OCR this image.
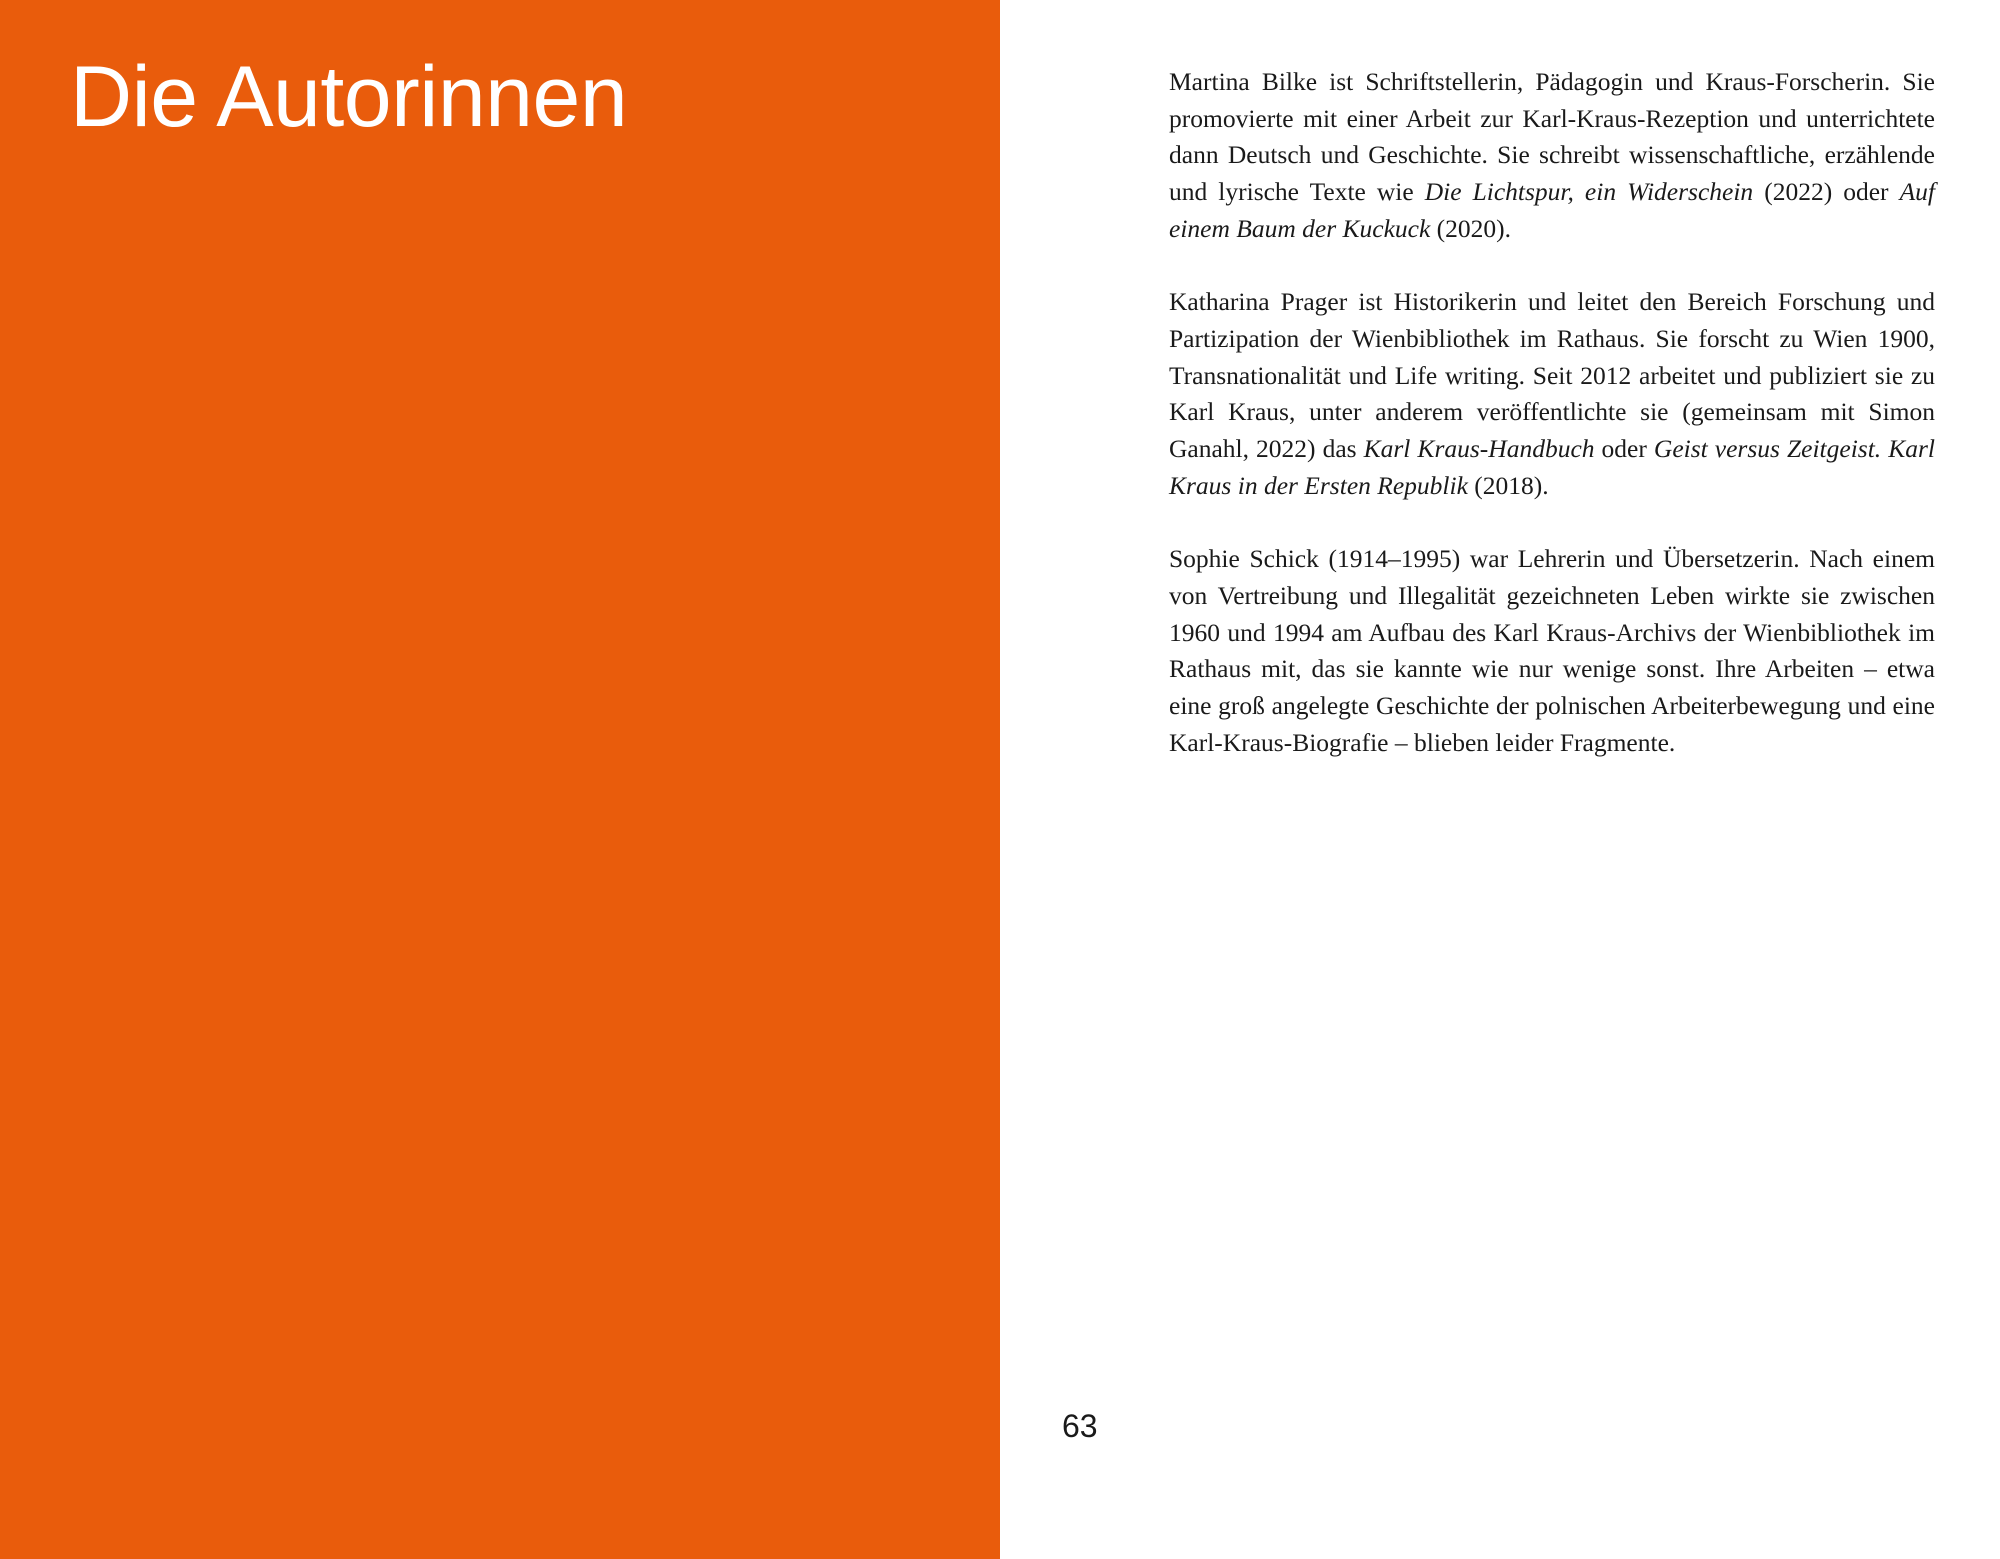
Die Autorinnen	Martina Bilke ist Schriftstellerin, Pädagogin und Kraus-Forscherin. Sie promovierte mit einer Arbeit zur Karl-Kraus-Rezeption und unterrichtete dann Deutsch und Geschichte. Sie schreibt wissenschaftliche, erzählende und lyrische Texte wie Die Lichtspur, ein Widerschein (2022) oder Auf einem Baum der Kuckuck (2020).

Katharina Prager ist Historikerin und leitet den Bereich Forschung und Partizipation der Wienbibliothek im Rathaus. Sie forscht zu Wien 1900, Transnationalität und Life writing. Seit 2012 arbeitet und publiziert sie zu Karl Kraus, unter anderem veröffentlichte sie (gemeinsam mit Simon Ganahl, 2022) das Karl Kraus-Handbuch oder Geist versus Zeitgeist. Karl Kraus in der Ersten Republik (2018).

Sophie Schick (1914–1995) war Lehrerin und Übersetzerin. Nach einem von Vertreibung und Illegalität gezeichneten Leben wirkte sie zwischen 1960 und 1994 am Aufbau des Karl Kraus-Archivs der Wienbibliothek im Rathaus mit, das sie kannte wie nur wenige sonst. Ihre Arbeiten – etwa eine groß angelegte Geschichte der polnischen Arbeiterbewegung und eine Karl-Kraus-Biografie – blieben leider Fragmente.

63
